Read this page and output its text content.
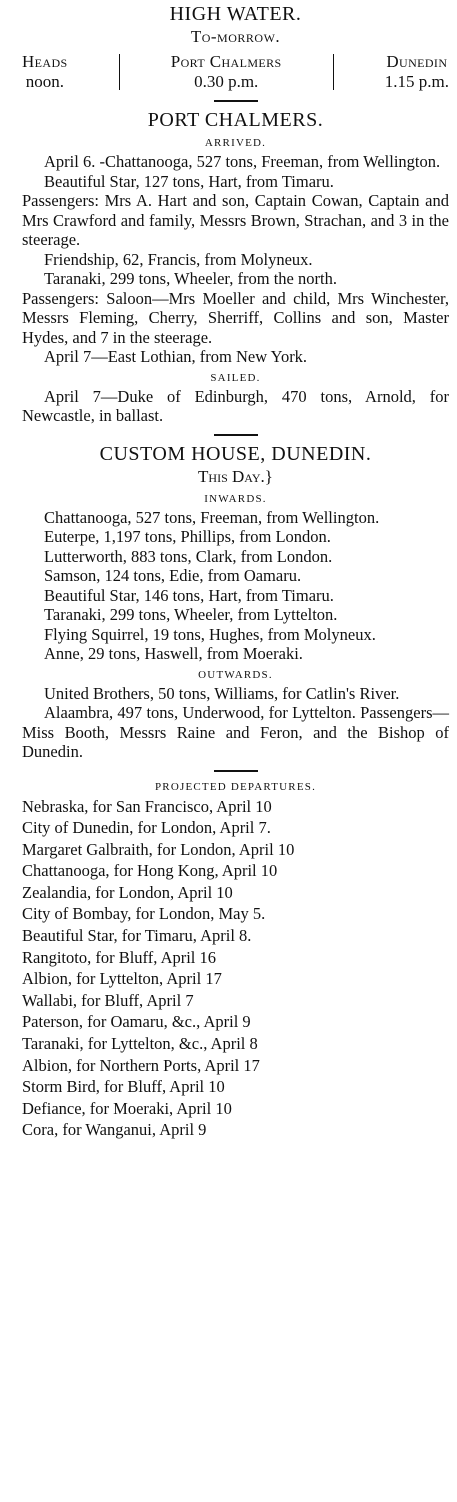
HIGH WATER.
To-morrow.
Heads
noon.
Port Chalmers
0.30 p.m.
Dunedin
1.15 p.m.
PORT CHALMERS.
ARRIVED.
April 6. -Chattanooga, 527 tons, Freeman, from Wellington.
Beautiful Star, 127 tons, Hart, from Timaru.
Passengers: Mrs A. Hart and son, Captain Cowan, Captain and Mrs Crawford and family, Messrs Brown, Strachan, and 3 in the steerage.
Friendship, 62, Francis, from Molyneux.
Taranaki, 299 tons, Wheeler, from the north.
Passengers: Saloon—Mrs Moeller and child, Mrs Winchester, Messrs Fleming, Cherry, Sherriff, Collins and son, Master Hydes, and 7 in the steerage.
April 7—East Lothian, from New York.
SAILED.
April 7—Duke of Edinburgh, 470 tons, Arnold, for Newcastle, in ballast.
CUSTOM HOUSE, DUNEDIN.
This Day.}
INWARDS.
Chattanooga, 527 tons, Freeman, from Wellington.
Euterpe, 1,197 tons, Phillips, from London.
Lutterworth, 883 tons, Clark, from London.
Samson, 124 tons, Edie, from Oamaru.
Beautiful Star, 146 tons, Hart, from Timaru.
Taranaki, 299 tons, Wheeler, from Lyttelton.
Flying Squirrel, 19 tons, Hughes, from Molyneux.
Anne, 29 tons, Haswell, from Moeraki.
OUTWARDS.
United Brothers, 50 tons, Williams, for Catlin's River.
Alaambra, 497 tons, Underwood, for Lyttelton. Passengers—Miss Booth, Messrs Raine and Feron, and the Bishop of Dunedin.
PROJECTED DEPARTURES.
Nebraska, for San Francisco, April 10
City of Dunedin, for London, April 7.
Margaret Galbraith, for London, April 10
Chattanooga, for Hong Kong, April 10
Zealandia, for London, April 10
City of Bombay, for London, May 5.
Beautiful Star, for Timaru, April 8.
Rangitoto, for Bluff, April 16
Albion, for Lyttelton, April 17
Wallabi, for Bluff, April 7
Paterson, for Oamaru, &c., April 9
Taranaki, for Lyttelton, &c., April 8
Albion, for Northern Ports, April 17
Storm Bird, for Bluff, April 10
Defiance, for Moeraki, April 10
Cora, for Wanganui, April 9
